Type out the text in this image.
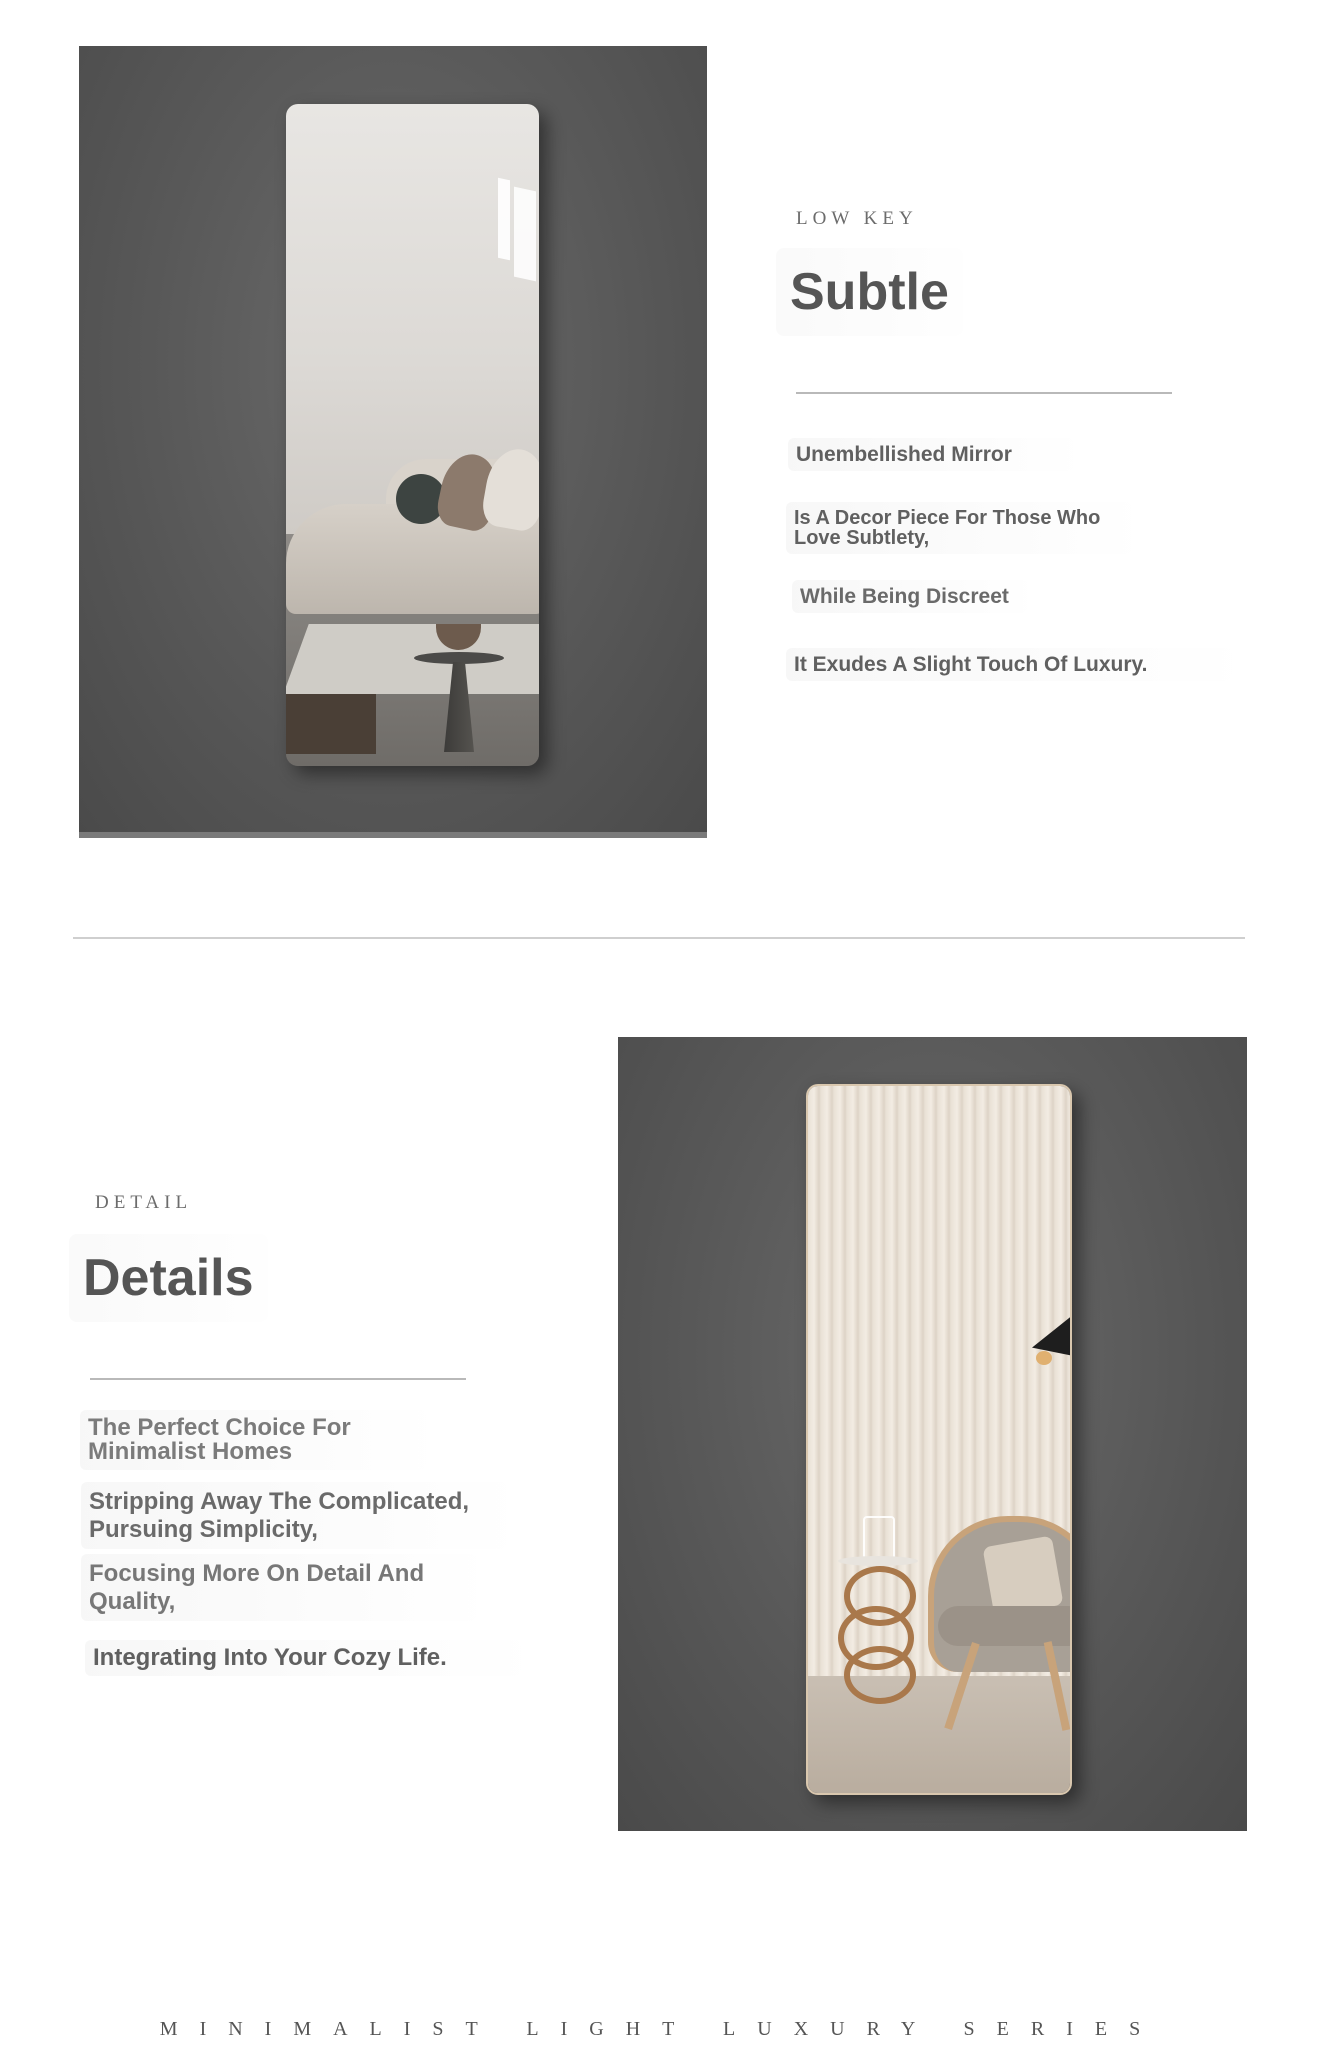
LOW KEY

Subtle

Unembellished Mirror

Is A Decor Piece For Those Who Love Subtlety,

While Being Discreet

It Exudes A Slight Touch Of Luxury.

DETAIL

Details

The Perfect Choice For Minimalist Homes

Stripping Away The Complicated, Pursuing Simplicity,

Focusing More On Detail And Quality,

Integrating Into Your Cozy Life.

MINIMALIST LIGHT LUXURY SERIES
